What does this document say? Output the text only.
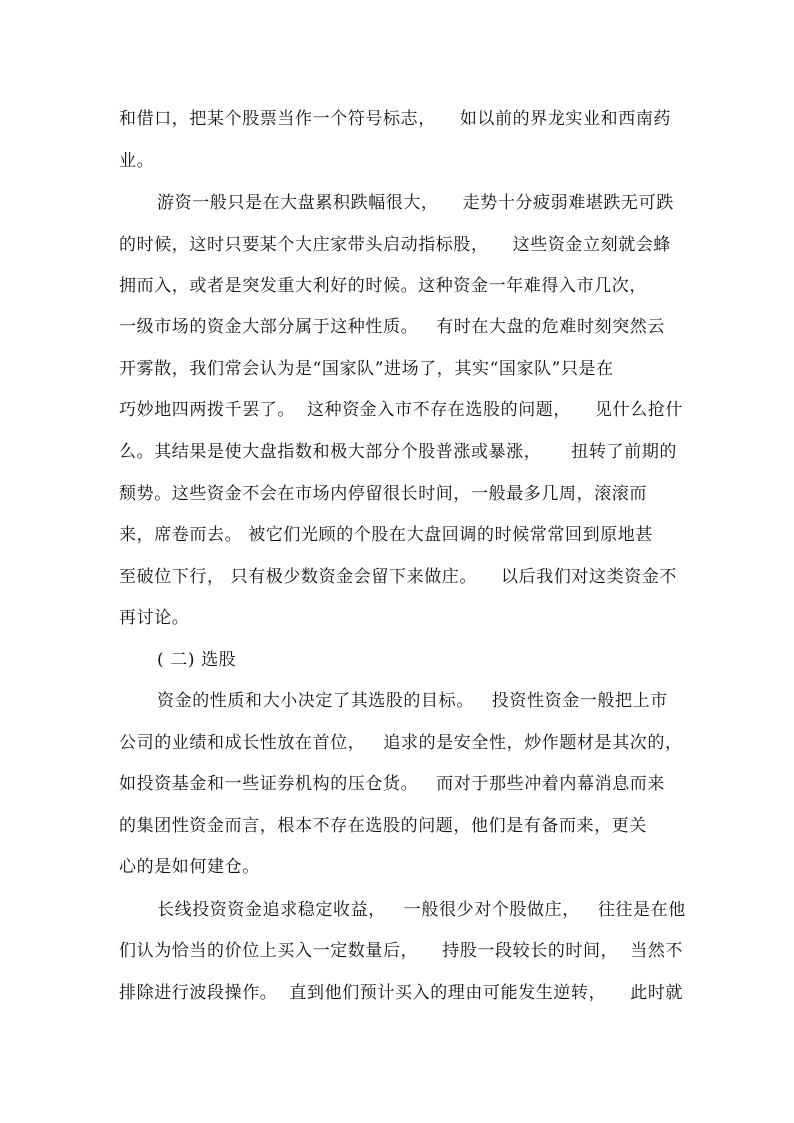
和借口，把某个股票当作一个符号标志，    如以前的界龙实业和西南药
业。
游资一般只是在大盘累积跌幅很大，    走势十分疲弱难堪跌无可跌
的时候，这时只要某个大庄家带头启动指标股，    这些资金立刻就会蜂
拥而入，或者是突发重大利好的时候。这种资金一年难得入市几次，
一级市场的资金大部分属于这种性质。   有时在大盘的危难时刻突然云
开雾散，我们常会认为是“国家队”进场了，其实“国家队”只是在
巧妙地四两拨千罢了。  这种资金入市不存在选股的问题，    见什么抢什
么。其结果是使大盘指数和极大部分个股普涨或暴涨，     扭转了前期的
颓势。这些资金不会在市场内停留很长时间，一般最多几周，滚滚而
来，席卷而去。 被它们光顾的个股在大盘回调的时候常常回到原地甚
至破位下行， 只有极少数资金会留下来做庄。    以后我们对这类资金不
再讨论。
( 二) 选股
资金的性质和大小决定了其选股的目标。   投资性资金一般把上市
公司的业绩和成长性放在首位，   追求的是安全性，炒作题材是其次的，
如投资基金和一些证券机构的压仓货。   而对于那些冲着内幕消息而来
的集团性资金而言，根本不存在选股的问题，他们是有备而来，更关
心的是如何建仓。
长线投资资金追求稳定收益，   一般很少对个股做庄，   往往是在他
们认为恰当的价位上买入一定数量后，    持股一段较长的时间，  当然不
排除进行波段操作。  直到他们预计买入的理由可能发生逆转，    此时就
